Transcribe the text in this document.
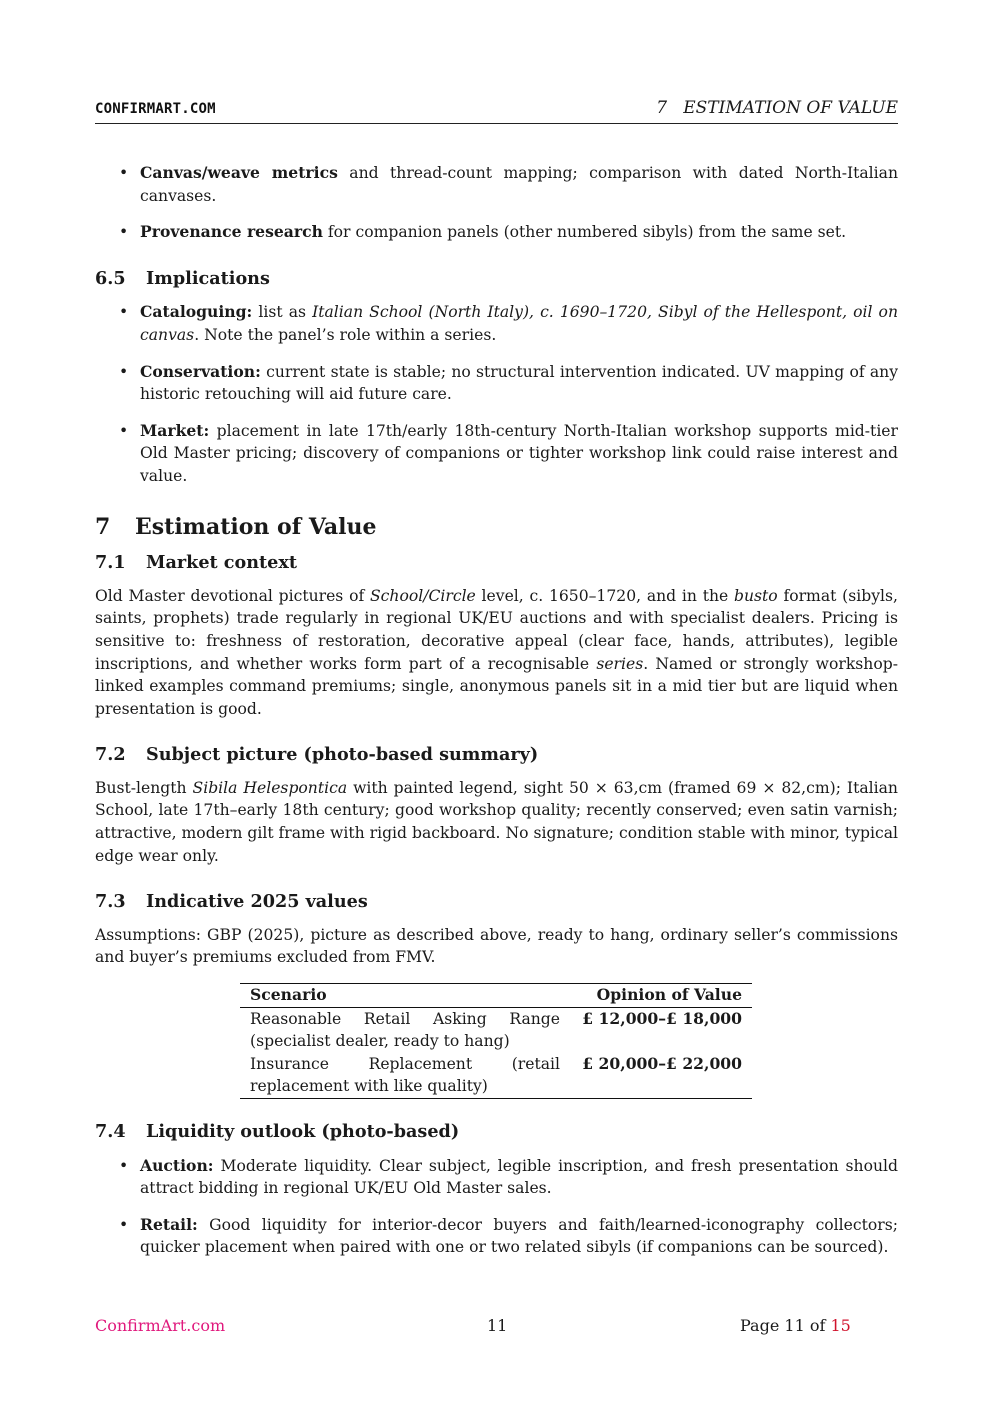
CONFIRMART.COM	7   ESTIMATION OF VALUE
• Canvas/weave metrics and thread-count mapping; comparison with dated North-Italian canvases.
• Provenance research for companion panels (other numbered sibyls) from the same set.
6.5 Implications
• Cataloguing: list as Italian School (North Italy), c. 1690–1720, Sibyl of the Hellespont, oil on canvas. Note the panel’s role within a series.
• Conservation: current state is stable; no structural intervention indicated. UV mapping of any historic retouching will aid future care.
• Market: placement in late 17th/early 18th-century North-Italian workshop supports mid-tier Old Master pricing; discovery of companions or tighter workshop link could raise interest and value.
7 Estimation of Value
7.1 Market context

Old Master devotional pictures of School/Circle level, c. 1650–1720, and in the busto format (sibyls, saints, prophets) trade regularly in regional UK/EU auctions and with specialist dealers. Pricing is sensitive to: freshness of restoration, decorative appeal (clear face, hands, attributes), legible inscriptions, and whether works form part of a recognisable series. Named or strongly workshop-linked examples command premiums; single, anonymous panels sit in a mid tier but are liquid when presentation is good.

7.2 Subject picture (photo-based summary)

Bust-length Sibila Helespontica with painted legend, sight 50 × 63,cm (framed 69 × 82,cm); Italian School, late 17th–early 18th century; good workshop quality; recently conserved; even satin varnish; attractive, modern gilt frame with rigid backboard. No signature; condition stable with minor, typical edge wear only.

7.3 Indicative 2025 values

Assumptions: GBP (2025), picture as described above, ready to hang, ordinary seller’s commissions and buyer’s premiums excluded from FMV.

Scenario	Opinion of Value
Reasonable Retail Asking Range (specialist dealer, ready to hang)	£ 12,000–£ 18,000
Insurance Replacement (retail replacement with like quality)	£ 20,000–£ 22,000
7.4 Liquidity outlook (photo-based)
• Auction: Moderate liquidity. Clear subject, legible inscription, and fresh presentation should attract bidding in regional UK/EU Old Master sales.
• Retail: Good liquidity for interior-decor buyers and faith/learned-iconography collectors; quicker placement when paired with one or two related sibyls (if companions can be sourced).
ConfirmArt.com	11	Page 11 of 15
